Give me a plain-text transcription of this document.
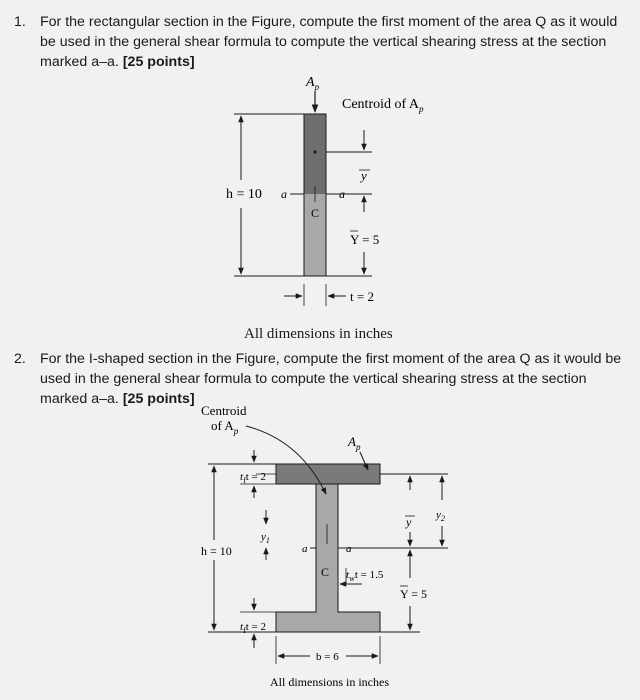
1. For the rectangular section in the Figure, compute the first moment of the area Q as it would be used in the general shear formula to compute the vertical shearing stress at the section marked a–a. [25 points]
$A_p$
Centroid of $A_p$
h = 10 a	a
C
y
Y = 5
t = 2
Centroid
of $A_p$
$A_p$
h = 10
$t_ft = 2$
$y_1$
a	a
C $t_wt = 1.5$
y $y_2$
Y = 5
$t_ft = 2$
b = 6
All dimensions in inches
All dimensions in inches
2. For the I-shaped section in the Figure, compute the first moment of the area Q as it would be used in the general shear formula to compute the vertical shearing stress at the section marked a–a. [25 points]
